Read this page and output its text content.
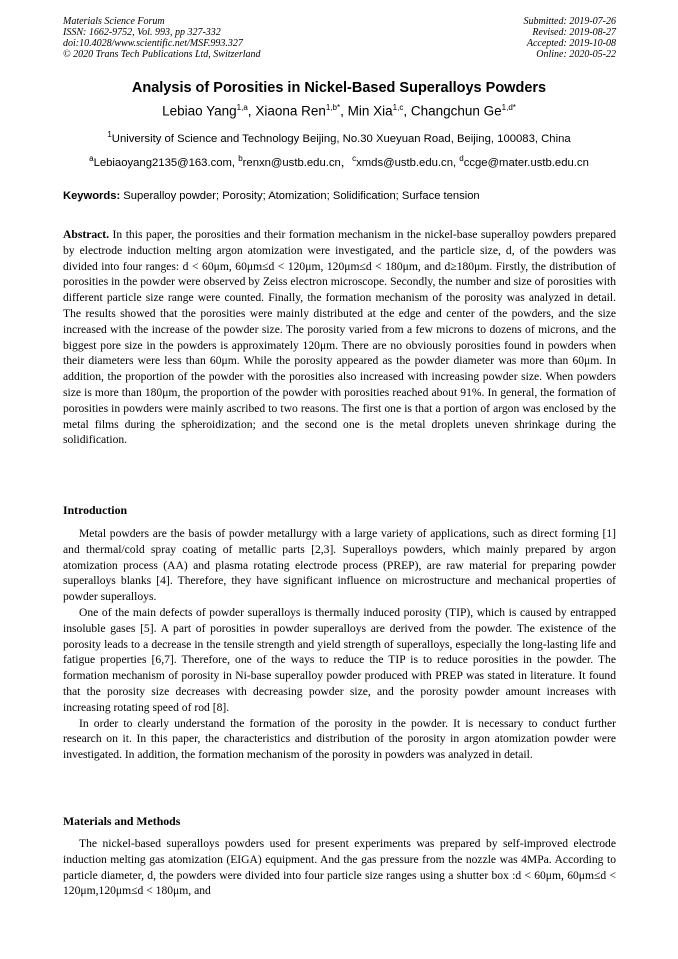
Materials Science Forum
ISSN: 1662-9752, Vol. 993, pp 327-332
doi:10.4028/www.scientific.net/MSF.993.327
© 2020 Trans Tech Publications Ltd, Switzerland
Submitted: 2019-07-26
Revised: 2019-08-27
Accepted: 2019-10-08
Online: 2020-05-22
Analysis of Porosities in Nickel-Based Superalloys Powders
Lebiao Yang$^{1,a}$, Xiaona Ren$^{1,b*}$, Min Xia$^{1,c}$, Changchun $Ge^{1,d*}$
$^1$University of Science and Technology Beijing, No.30 Xueyuan Road, Beijing, 100083, China
$^a$Lebiaoyang2135@163.com, $^b$renxn@ustb.edu.cn，$^c$xmds@ustb.edu.cn, $^d$ccge@mater.ustb.edu.cn
Keywords: Superalloy powder; Porosity; Atomization; Solidification; Surface tension

Abstract. In this paper, the porosities and their formation mechanism in the nickel-base superalloy powders prepared by electrode induction melting argon atomization were investigated, and the particle size, d, of the powders was divided into four ranges: d < 60μm, 60μm≤d < 120μm, 120μm≤d < 180μm, and d≥180μm. Firstly, the distribution of porosities in the powder were observed by Zeiss electron microscope. Secondly, the number and size of porosities with different particle size range were counted. Finally, the formation mechanism of the porosity was analyzed in detail. The results showed that the porosities were mainly distributed at the edge and center of the powders, and the size increased with the increase of the powder size. The porosity varied from a few microns to dozens of microns, and the biggest pore size in the powders is approximately 120μm. There are no obviously porosities found in powders when their diameters were less than 60μm. While the porosity appeared as the powder diameter was more than 60μm. In addition, the proportion of the powder with the porosities also increased with increasing powder size. When powders size is more than 180μm, the proportion of the powder with porosities reached about 91%. In general, the formation of porosities in powders were mainly ascribed to two reasons. The first one is that a portion of argon was enclosed by the metal films during the spheroidization; and the second one is the metal droplets uneven shrinkage during the solidification.

Introduction

Metal powders are the basis of powder metallurgy with a large variety of applications, such as direct forming [1] and thermal/cold spray coating of metallic parts [2,3]. Superalloys powders, which mainly prepared by argon atomization process (AA) and plasma rotating electrode process (PREP), are raw material for preparing powder superalloys blanks [4]. Therefore, they have significant influence on microstructure and mechanical properties of powder superalloys.

One of the main defects of powder superalloys is thermally induced porosity (TIP), which is caused by entrapped insoluble gases [5]. A part of porosities in powder superalloys are derived from the powder. The existence of the porosity leads to a decrease in the tensile strength and yield strength of superalloys, especially the long-lasting life and fatigue properties [6,7]. Therefore, one of the ways to reduce the TIP is to reduce porosities in the powder. The formation mechanism of porosity in Ni-base superalloy powder produced with PREP was stated in literature. It found that the porosity size decreases with decreasing powder size, and the porosity powder amount increases with increasing rotating speed of rod [8].

In order to clearly understand the formation of the porosity in the powder. It is necessary to conduct further research on it. In this paper, the characteristics and distribution of the porosity in argon atomization powder were investigated. In addition, the formation mechanism of the porosity in powders was analyzed in detail.

Materials and Methods

The nickel-based superalloys powders used for present experiments was prepared by self-improved electrode induction melting gas atomization (EIGA) equipment. And the gas pressure from the nozzle was 4MPa. According to particle diameter, d, the powders were divided into four particle size ranges using a shutter box :d < 60μm, 60μm≤d < 120μm,120μm≤d < 180μm, and
